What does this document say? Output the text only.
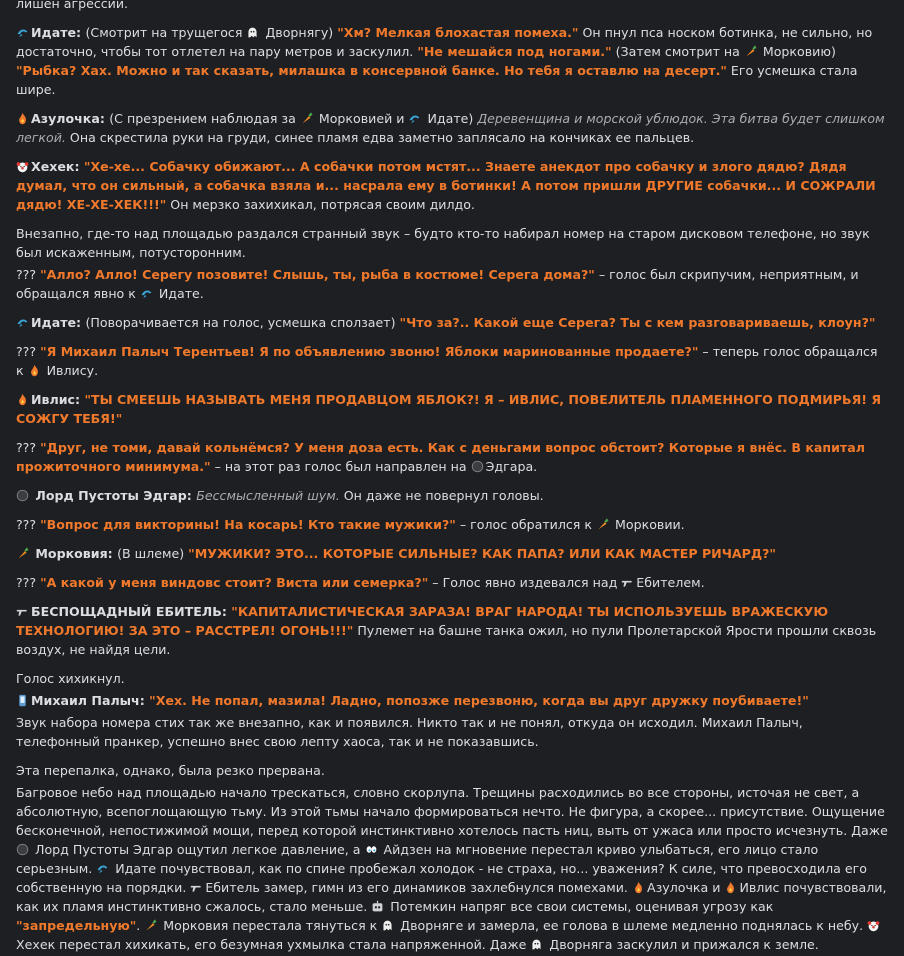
лишен агрессии.
Идате: (Смотрит на трущегося  Дворнягу) "Хм? Мелкая блохастая помеха." Он пнул пса носком ботинка, не сильно, но достаточно, чтобы тот отлетел на пару метров и заскулил. "Не мешайся под ногами." (Затем смотрит на  Морковию) "Рыбка? Хах. Можно и так сказать, милашка в консервной банке. Но тебя я оставлю на десерт." Его усмешка стала шире.
Азулочка: (С презрением наблюдая за  Морковией и  Идате) Деревенщина и морской ублюдок. Эта битва будет слишком легкой. Она скрестила руки на груди, синее пламя едва заметно заплясало на кончиках ее пальцев.
Хехек: "Хе-хе... Собачку обижают... А собачки потом мстят... Знаете анекдот про собачку и злого дядю? Дядя думал, что он сильный, а собачка взяла и... насрала ему в ботинки! А потом пришли ДРУГИЕ собачки... И СОЖРАЛИ дядю! ХЕ-ХЕ-ХЕК!!!" Он мерзко захихикал, потрясая своим дилдо.
Внезапно, где-то над площадью раздался странный звук – будто кто-то набирал номер на старом дисковом телефоне, но звук был искаженным, потусторонним.
??? "Алло? Алло! Серегу позовите! Слышь, ты, рыба в костюме! Серега дома?" – голос был скрипучим, неприятным, и обращался явно к  Идате.
Идате: (Поворачивается на голос, усмешка сползает) "Что за?.. Какой еще Серега? Ты с кем разговариваешь, клоун?"
??? "Я Михаил Палыч Терентьев! Я по объявлению звоню! Яблоки маринованные продаете?" – теперь голос обращался к  Ивлису.
Ивлис: "ТЫ СМЕЕШЬ НАЗЫВАТЬ МЕНЯ ПРОДАВЦОМ ЯБЛОК?! Я – ИВЛИС, ПОВЕЛИТЕЛЬ ПЛАМЕННОГО ПОДМИРЬЯ! Я СОЖГУ ТЕБЯ!"
??? "Друг, не томи, давай кольнёмся? У меня доза есть. Как с деньгами вопрос обстоит? Которые я внёс. В капитал прожиточного минимума." – на этот раз голос был направлен на Эдгара.
Лорд Пустоты Эдгар: Бессмысленный шум. Он даже не повернул головы.
??? "Вопрос для викторины! На косарь! Кто такие мужики?" – голос обратился к  Морковии.
Морковия: (В шлеме) "МУЖИКИ? ЭТО... КОТОРЫЕ СИЛЬНЫЕ? КАК ПАПА? ИЛИ КАК МАСТЕР РИЧАРД?"
??? "А какой у меня виндовс стоит? Виста или семерка?" – Голос явно издевался над Ебителем.
БЕСПОЩАДНЫЙ ЕБИТЕЛЬ: "КАПИТАЛИСТИЧЕСКАЯ ЗАРАЗА! ВРАГ НАРОДА! ТЫ ИСПОЛЬЗУЕШЬ ВРАЖЕСКУЮ ТЕХНОЛОГИЮ! ЗА ЭТО – РАССТРЕЛ! ОГОНЬ!!!" Пулемет на башне танка ожил, но пули Пролетарской Ярости прошли сквозь воздух, не найдя цели.
Голос хихикнул.
Михаил Палыч: "Хех. Не попал, мазила! Ладно, попозже перезвоню, когда вы друг дружку поубиваете!"
Звук набора номера стих так же внезапно, как и появился. Никто так и не понял, откуда он исходил. Михаил Палыч, телефонный пранкер, успешно внес свою лепту хаоса, так и не показавшись.
Эта перепалка, однако, была резко прервана.
Багровое небо над площадью начало трескаться, словно скорлупа. Трещины расходились во все стороны, источая не свет, а абсолютную, всепоглощающую тьму. Из этой тьмы начало формироваться нечто. Не фигура, а скорее... присутствие. Ощущение бесконечной, непостижимой мощи, перед которой инстинктивно хотелось пасть ниц, выть от ужаса или просто исчезнуть. Даже  Лорд Пустоты Эдгар ощутил легкое давление, а  Айдзен на мгновение перестал криво улыбаться, его лицо стало серьезным.  Идате почувствовал, как по спине пробежал холодок - не страха, но... уважения? К силе, что превосходила его собственную на порядки. Ебитель замер, гимн из его динамиков захлебнулся помехами. Азулочка и Ивлис почувствовали, как их пламя инстинктивно сжалось, стало меньше.  Потемкин напряг все свои системы, оценивая угрозу как "запредельную".  Морковия перестала тянуться к  Дворняге и замерла, ее голова в шлеме медленно поднялась к небу.  Хехек перестал хихикать, его безумная ухмылка стала напряженной. Даже  Дворняга заскулил и прижался к земле.
